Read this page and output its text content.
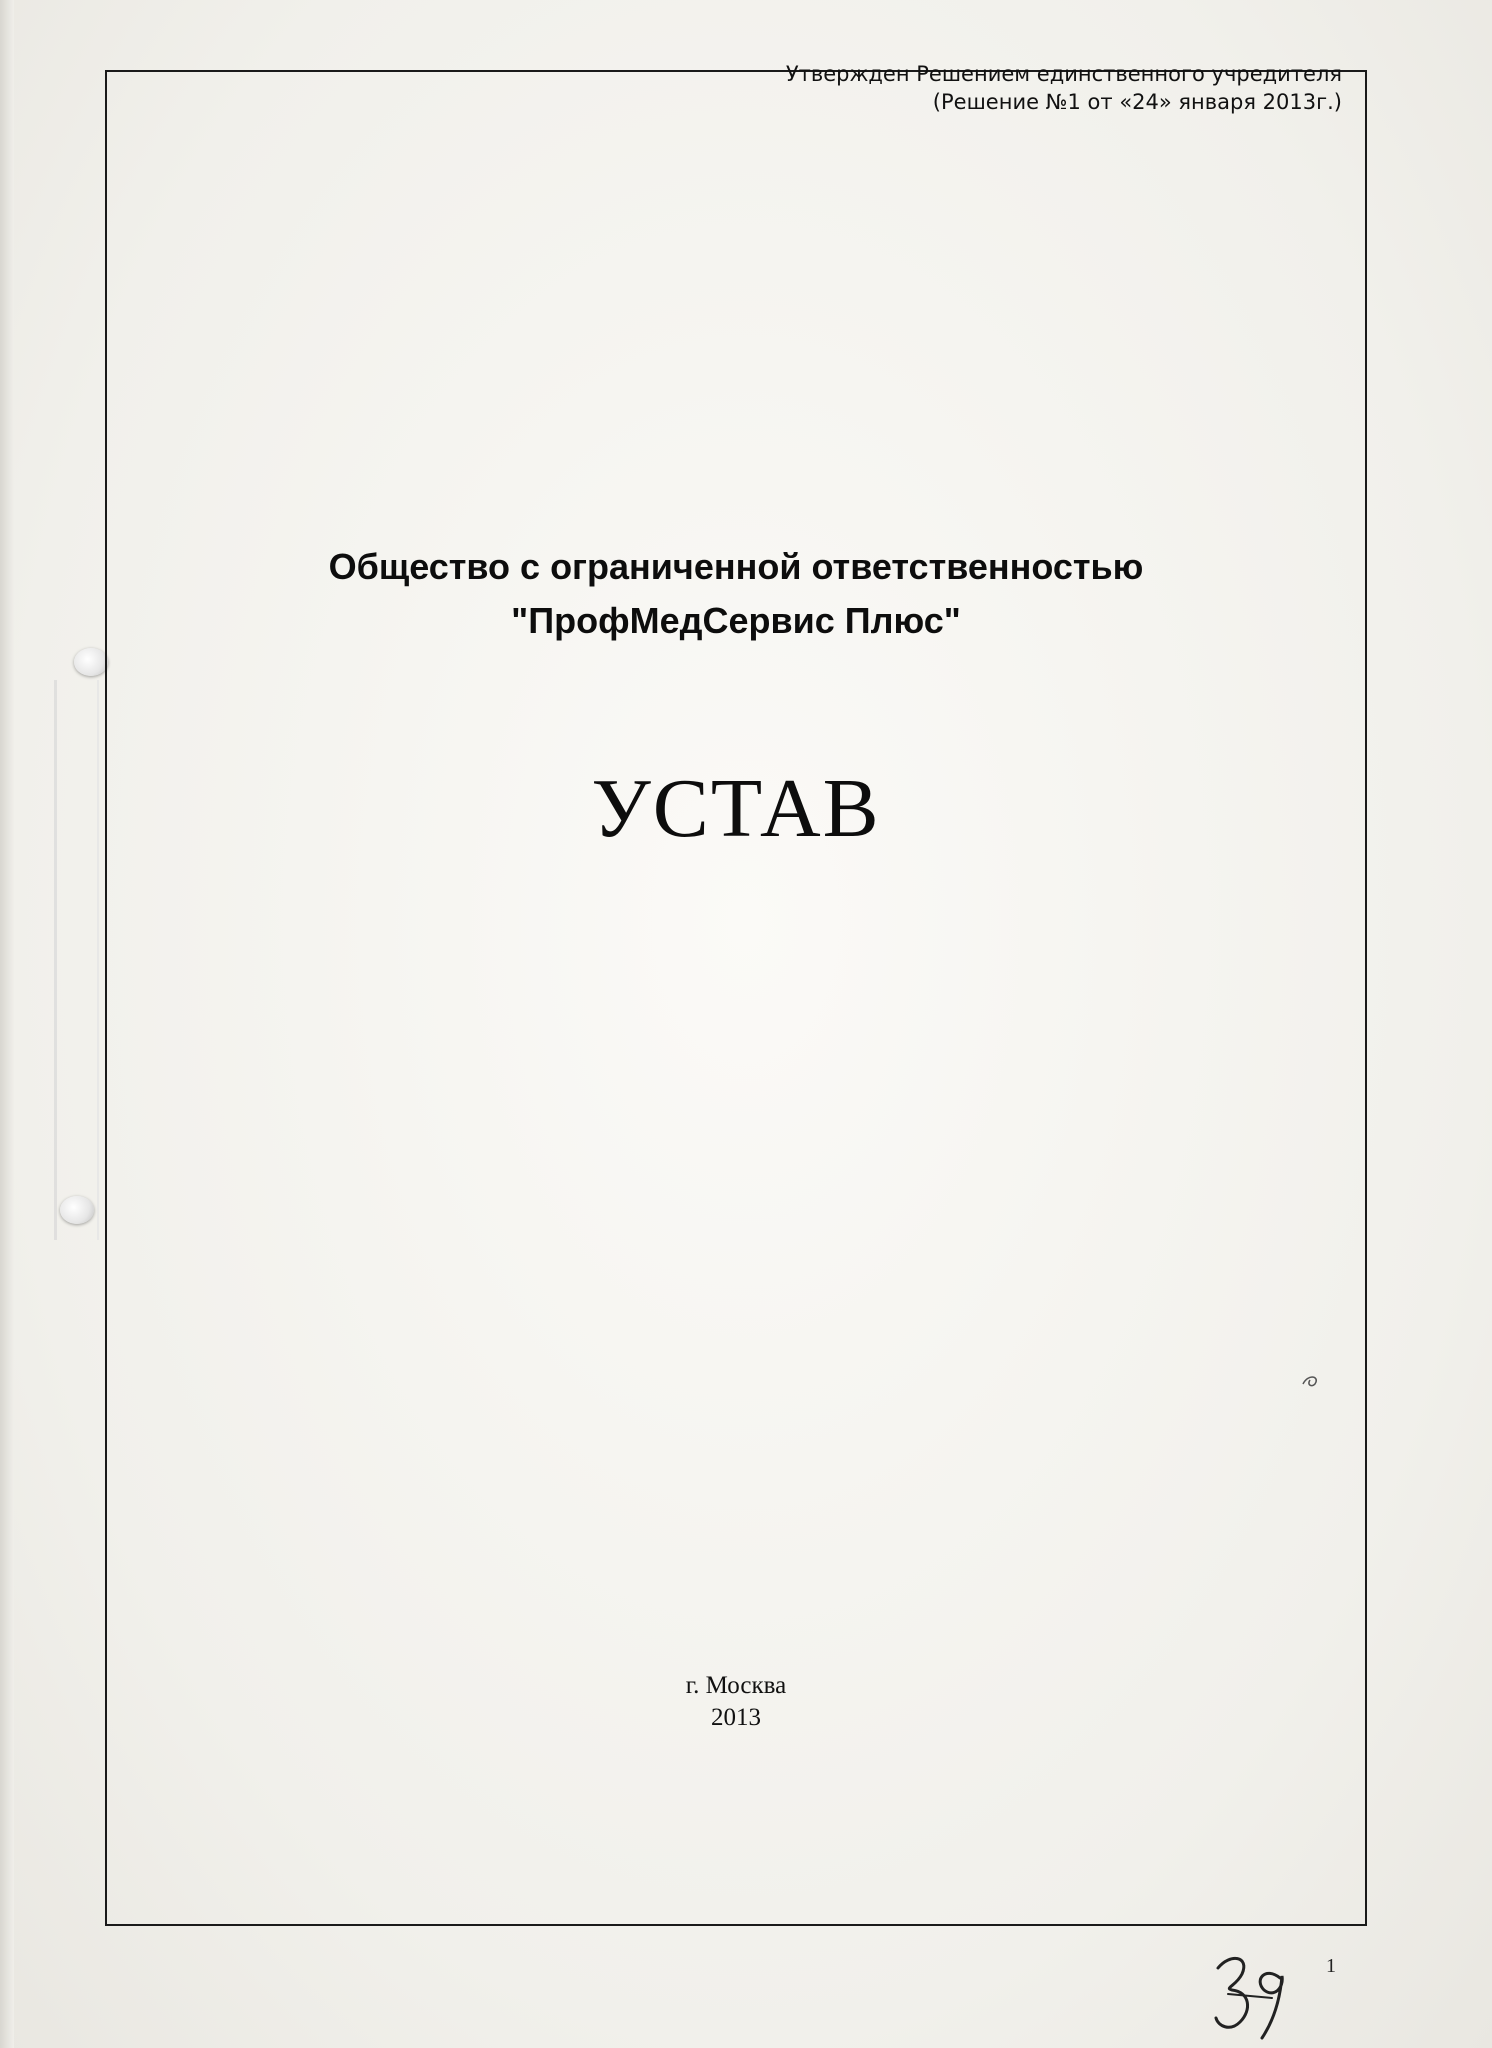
Утвержден Решением единственного учредителя
(Решение №1 от «24» января 2013г.)
Общество с ограниченной ответственностью
"ПрофМедСервис Плюс"
УСТАВ
г. Москва
2013
1
